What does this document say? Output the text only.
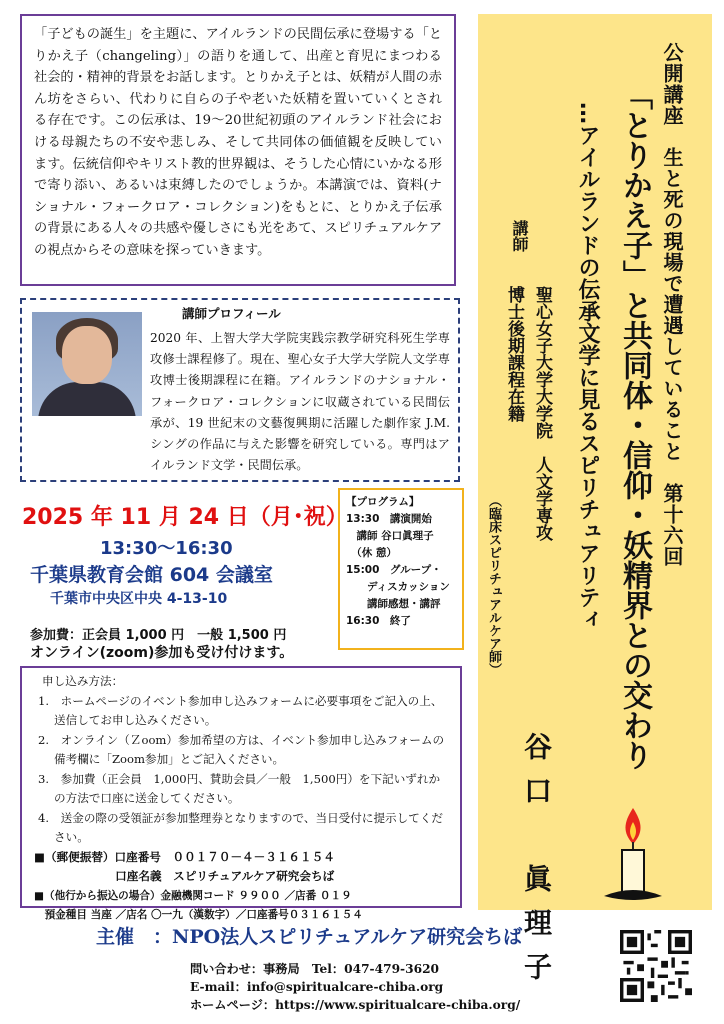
「子どもの誕生」を主題に、アイルランドの民間伝承に登場する「とりかえ子（changeling）」の語りを通して、出産と育児にまつわる社会的・精神的背景をお話します。とりかえ子とは、妖精が人間の赤ん坊をさらい、代わりに自らの子や老いた妖精を置いていくとされる存在です。この伝承は、19～20世紀初頭のアイルランド社会における母親たちの不安や悲しみ、そして共同体の価値観を反映しています。伝統信仰やキリスト教的世界観は、そうした心情にいかなる形で寄り添い、あるいは束縛したのでしょうか。本講演では、資料(ナショナル・フォークロア・コレクション)をもとに、とりかえ子伝承の背景にある人々の共感や優しさにも光をあて、スピリチュアルケアの視点からその意味を探っていきます。
講師プロフィール
2020 年、上智大学大学院実践宗教学研究科死生学専攻修士課程修了。現在、聖心女子大学大学院人文学専攻博士後期課程に在籍。アイルランドのナショナル・フォークロア・コレクションに収蔵されている民間伝承が、19 世紀末の文藝復興期に活躍した劇作家 J.M.シングの作品に与えた影響を研究している。専門はアイルランド文学・民間伝承。
2025 年 11 月 24 日（月･祝）
13:30～16:30
千葉県教育会館 604 会議室
千葉市中央区中央 4-13-10
参加費：正会員 1,000 円　一般 1,500 円
オンライン(zoom)参加も受け付けます。
【プログラム】
13:30　講演開始
　講師 谷口眞理子
　（休 憩）
15:00　グループ・
　　ディスカッション
　　講師感想・講評
16:30　終了
申し込み方法：
1.　ホームページのイベント参加申し込みフォームに必要事項をご記入の上、送信してお申し込みください。
2.　オンライン（Ｚoom）参加希望の方は、イベント参加申し込みフォームの備考欄に「Zoom参加」とご記入ください。
3.　参加費（正会員　1,000円、賛助会員／一般　1,500円）を下記いずれかの方法で口座に送金してください。
4.　送金の際の受領証が参加整理券となりますので、当日受付に提示してください。
■（郵便振替）口座番号　００１７０－４－３１６１５４
　　　　　　　口座名義　スピリチュアルケア研究会ちば
■（他行から振込の場合）金融機関コード ９９００ ／店番 ０１９
　預金種目 当座 ／店名 〇一九（漢数字）／口座番号０３１６１５４
公開講座　生と死の現場で遭遇していること　第十六回
「とりかえ子」と共同体・信仰・妖精界との交わり
…アイルランドの伝承文学に見るスピリチュアリティ
講師
聖心女子大学大学院　人文学専攻
博士後期課程在籍
（臨床スピリチュアルケア師）
谷口　眞理子
主催　：NPO法人スピリチュアルケア研究会ちば
問い合わせ：事務局　Tel：047-479-3620
E-mail：info@spiritualcare-chiba.org
ホームページ：https://www.spiritualcare-chiba.org/
